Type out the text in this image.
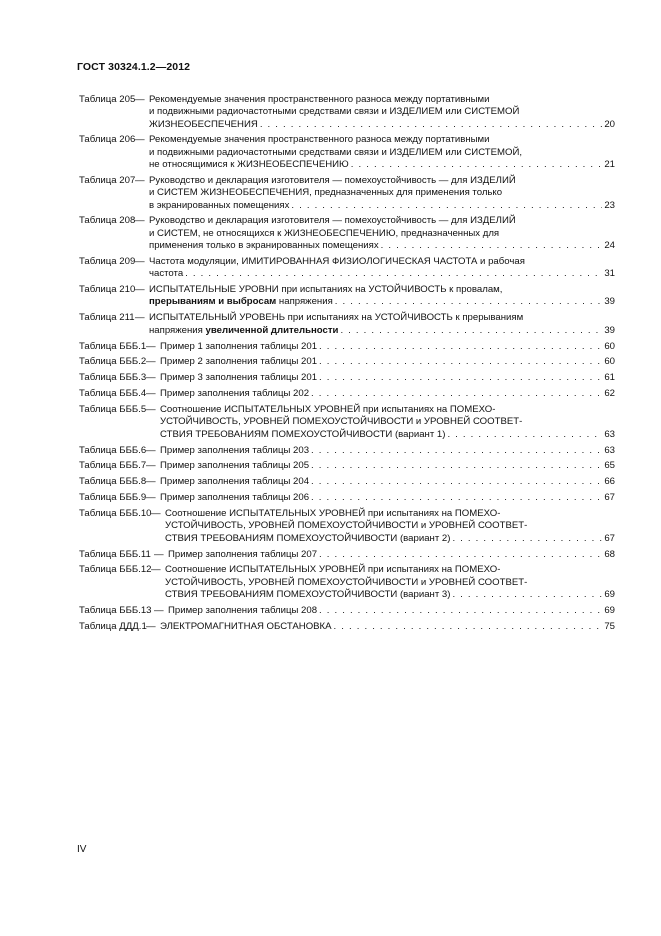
ГОСТ 30324.1.2—2012
Таблица 205 — Рекомендуемые значения пространственного разноса между портативными
и подвижными радиочастотными средствами связи и ИЗДЕЛИЕМ или СИСТЕМОЙ
ЖИЗНЕОБЕСПЕЧЕНИЯ . . .	20
Таблица 206 — Рекомендуемые значения пространственного разноса между портативными
и подвижными радиочастотными средствами связи и ИЗДЕЛИЕМ или СИСТЕМОЙ,
не относящимися к ЖИЗНЕОБЕСПЕЧЕНИЮ . . .	21
Таблица 207 — Руководство и декларация изготовителя — помехоустойчивость — для ИЗДЕЛИЙ
и СИСТЕМ ЖИЗНЕОБЕСПЕЧЕНИЯ, предназначенных для применения только
в экранированных помещениях . . .	23
Таблица 208 — Руководство и декларация изготовителя — помехоустойчивость — для ИЗДЕЛИЙ
и СИСТЕМ, не относящихся к ЖИЗНЕОБЕСПЕЧЕНИЮ, предназначенных для
применения только в экранированных помещениях . . .	24
Таблица 209 — Частота модуляции, ИМИТИРОВАННАЯ ФИЗИОЛОГИЧЕСКАЯ ЧАСТОТА и рабочая
частота . . .	31
Таблица 210 — ИСПЫТАТЕЛЬНЫЕ УРОВНИ при испытаниях на УСТОЙЧИВОСТЬ к провалам,
прерываниям и выбросам напряжения . . .	39
Таблица 211 — ИСПЫТАТЕЛЬНЫЙ УРОВЕНЬ при испытаниях на УСТОЙЧИВОСТЬ к прерываниям
напряжения увеличенной длительности . . .	39
Таблица БББ.1 — Пример 1 заполнения таблицы 201 . . .	60
Таблица БББ.2 — Пример 2 заполнения таблицы 201 . . .	60
Таблица БББ.3 — Пример 3 заполнения таблицы 201 . . .	61
Таблица БББ.4 — Пример заполнения таблицы 202 . . .	62
Таблица БББ.5 — Соотношение ИСПЫТАТЕЛЬНЫХ УРОВНЕЙ при испытаниях на ПОМЕХО-
УСТОЙЧИВОСТЬ, УРОВНЕЙ ПОМЕХОУСТОЙЧИВОСТИ и УРОВНЕЙ СООТВЕТ-
СТВИЯ ТРЕБОВАНИЯМ ПОМЕХОУСТОЙЧИВОСТИ (вариант 1) . . .	63
Таблица БББ.6 — Пример заполнения таблицы 203 . . .	63
Таблица БББ.7 — Пример заполнения таблицы 205 . . .	65
Таблица БББ.8 — Пример заполнения таблицы 204 . . .	66
Таблица БББ.9 — Пример заполнения таблицы 206 . . .	67
Таблица БББ.10 — Соотношение ИСПЫТАТЕЛЬНЫХ УРОВНЕЙ при испытаниях на ПОМЕХО-
УСТОЙЧИВОСТЬ, УРОВНЕЙ ПОМЕХОУСТОЙЧИВОСТИ и УРОВНЕЙ СООТВЕТ-
СТВИЯ ТРЕБОВАНИЯМ ПОМЕХОУСТОЙЧИВОСТИ (вариант 2) . . .	67
Таблица БББ.11 — Пример заполнения таблицы 207 . . .	68
Таблица БББ.12 — Соотношение ИСПЫТАТЕЛЬНЫХ УРОВНЕЙ при испытаниях на ПОМЕХО-
УСТОЙЧИВОСТЬ, УРОВНЕЙ ПОМЕХОУСТОЙЧИВОСТИ и УРОВНЕЙ СООТВЕТ-
СТВИЯ ТРЕБОВАНИЯМ ПОМЕХОУСТОЙЧИВОСТИ (вариант 3) . . .	69
Таблица БББ.13 — Пример заполнения таблицы 208 . . .	69
Таблица ДДД.1 — ЭЛЕКТРОМАГНИТНАЯ ОБСТАНОВКА . . .	75
IV
